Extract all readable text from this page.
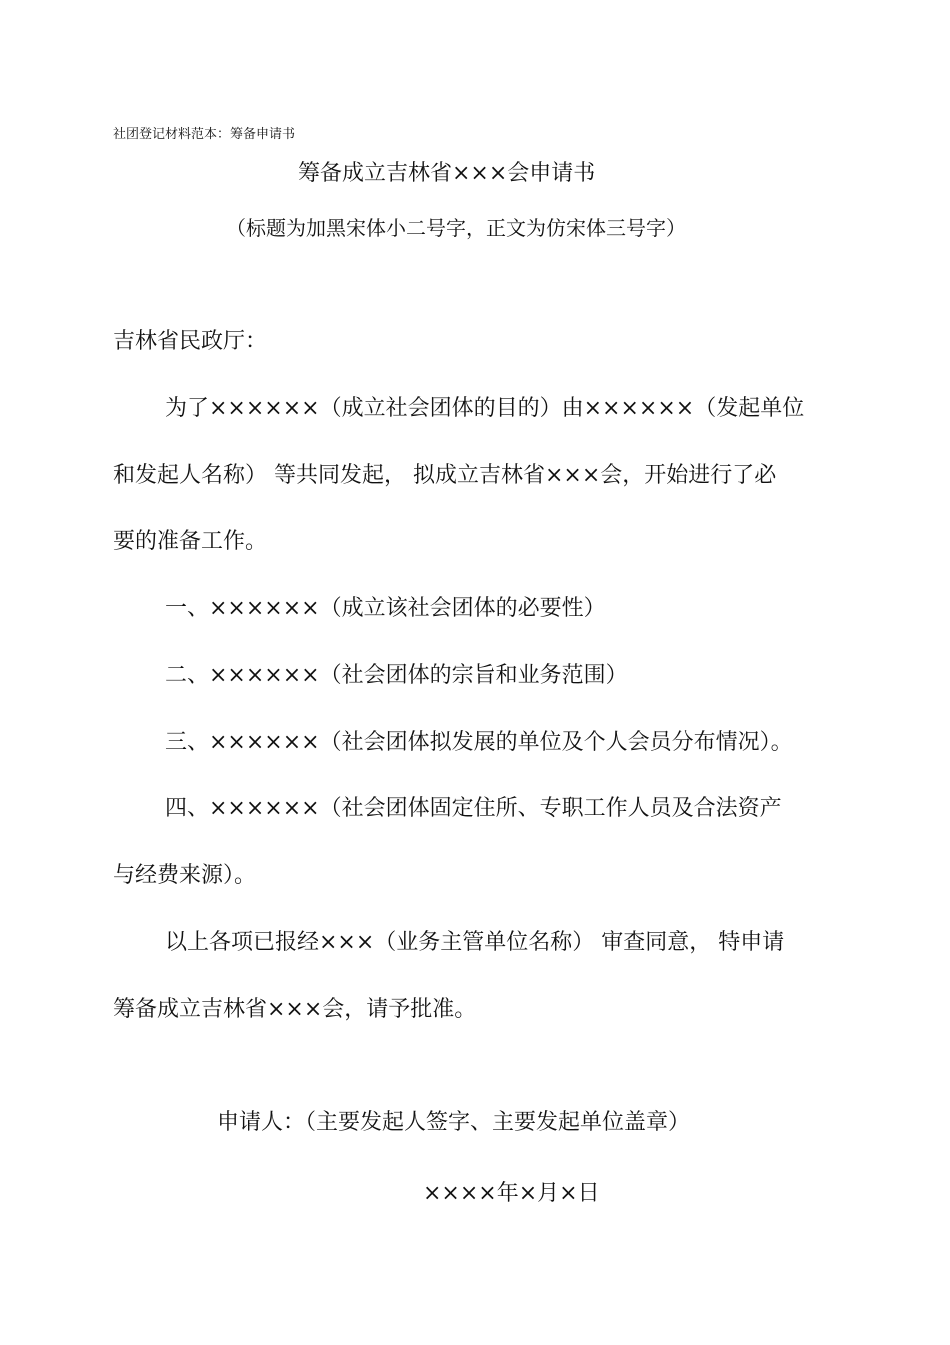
社团登记材料范本：筹备申请书
筹备成立吉林省×××会申请书
（标题为加黑宋体小二号字，正文为仿宋体三号字）
吉林省民政厅：
为了××××××（成立社会团体的目的）由××××××（发起单位
和发起人名称） 等共同发起， 拟成立吉林省×××会，开始进行了必
要的准备工作。
一、××××××（成立该社会团体的必要性）
二、××××××（社会团体的宗旨和业务范围）
三、××××××（社会团体拟发展的单位及个人会员分布情况）。
四、××××××（社会团体固定住所、专职工作人员及合法资产
与经费来源）。
以上各项已报经×××（业务主管单位名称） 审查同意， 特申请
筹备成立吉林省×××会，请予批准。
申请人：（主要发起人签字、主要发起单位盖章）
××××年×月×日
